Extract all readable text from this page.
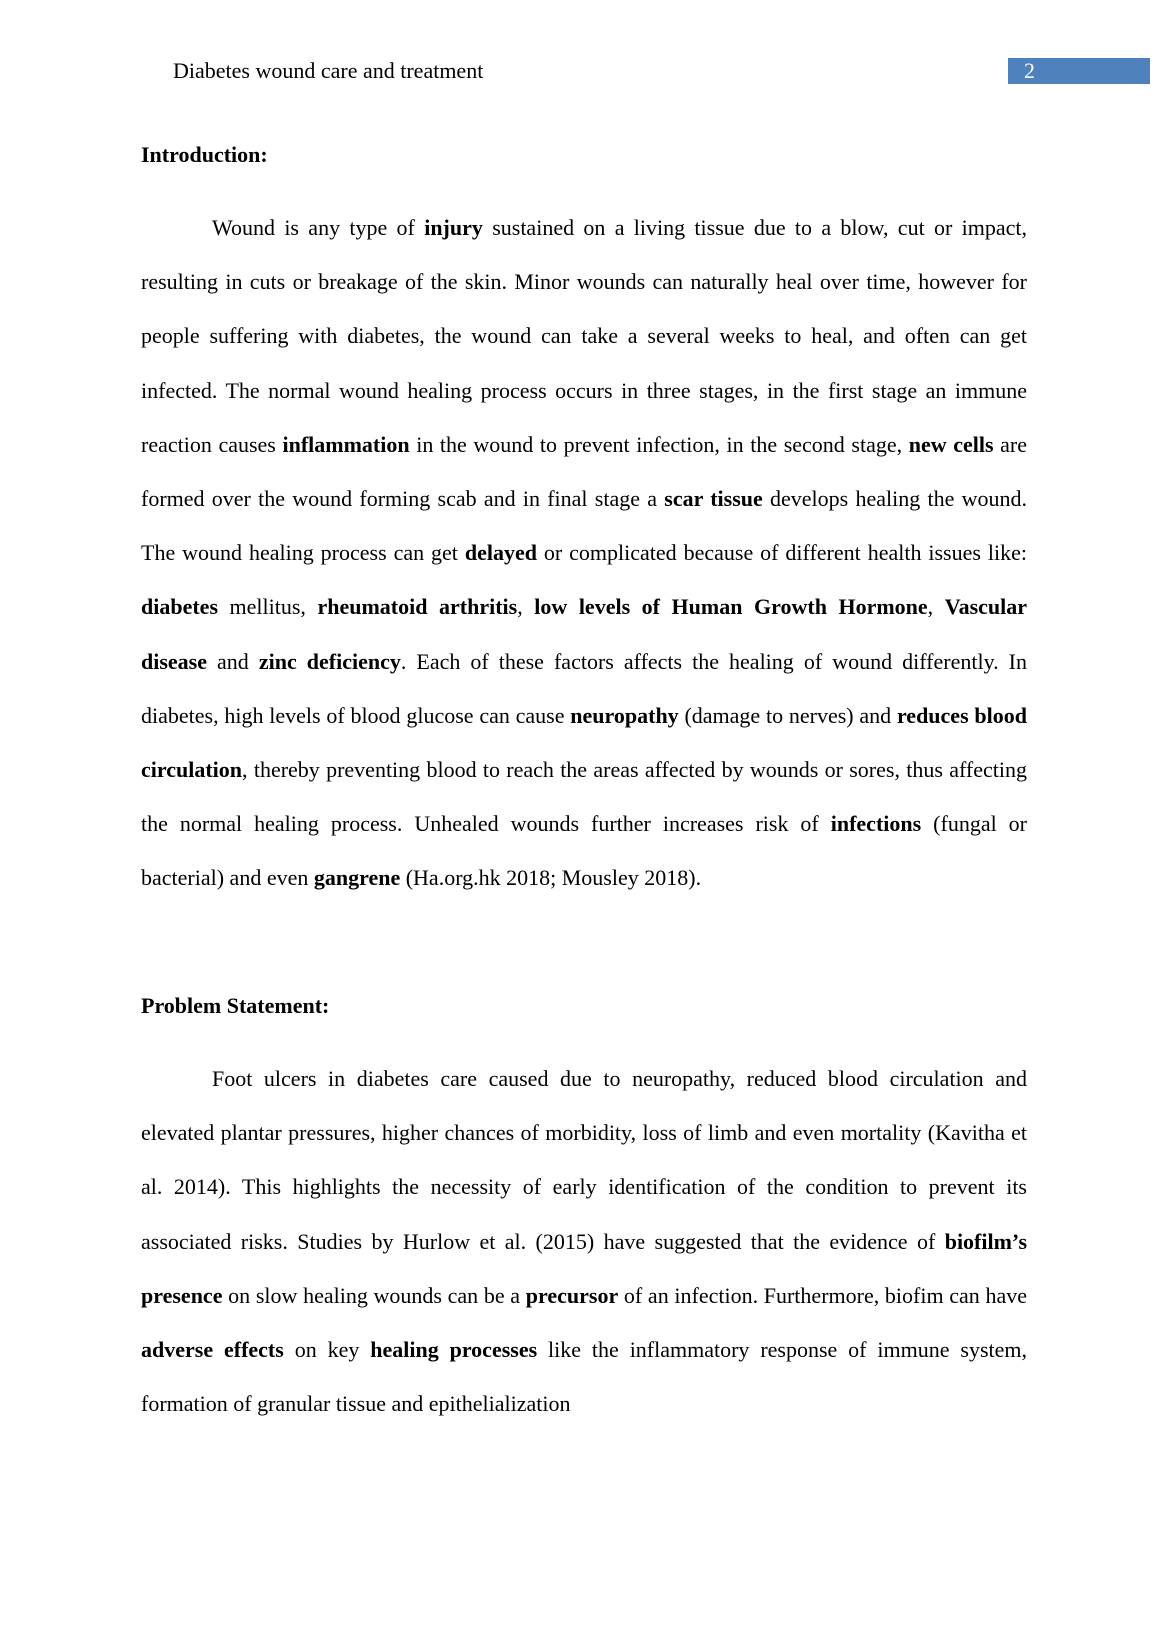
Diabetes wound care and treatment	2
Introduction:

Wound is any type of injury sustained on a living tissue due to a blow, cut or impact, resulting in cuts or breakage of the skin. Minor wounds can naturally heal over time, however for people suffering with diabetes, the wound can take a several weeks to heal, and often can get infected. The normal wound healing process occurs in three stages, in the first stage an immune reaction causes inflammation in the wound to prevent infection, in the second stage, new cells are formed over the wound forming scab and in final stage a scar tissue develops healing the wound. The wound healing process can get delayed or complicated because of different health issues like: diabetes mellitus, rheumatoid arthritis, low levels of Human Growth Hormone, Vascular disease and zinc deficiency. Each of these factors affects the healing of wound differently. In diabetes, high levels of blood glucose can cause neuropathy (damage to nerves) and reduces blood circulation, thereby preventing blood to reach the areas affected by wounds or sores, thus affecting the normal healing process. Unhealed wounds further increases risk of infections (fungal or bacterial) and even gangrene (Ha.org.hk 2018; Mousley 2018).

Problem Statement:

Foot ulcers in diabetes care caused due to neuropathy, reduced blood circulation and elevated plantar pressures, higher chances of morbidity, loss of limb and even mortality (Kavitha et al. 2014). This highlights the necessity of early identification of the condition to prevent its associated risks. Studies by Hurlow et al. (2015) have suggested that the evidence of biofilm’s presence on slow healing wounds can be a precursor of an infection. Furthermore, biofim can have adverse effects on key healing processes like the inflammatory response of immune system, formation of granular tissue and epithelialization
